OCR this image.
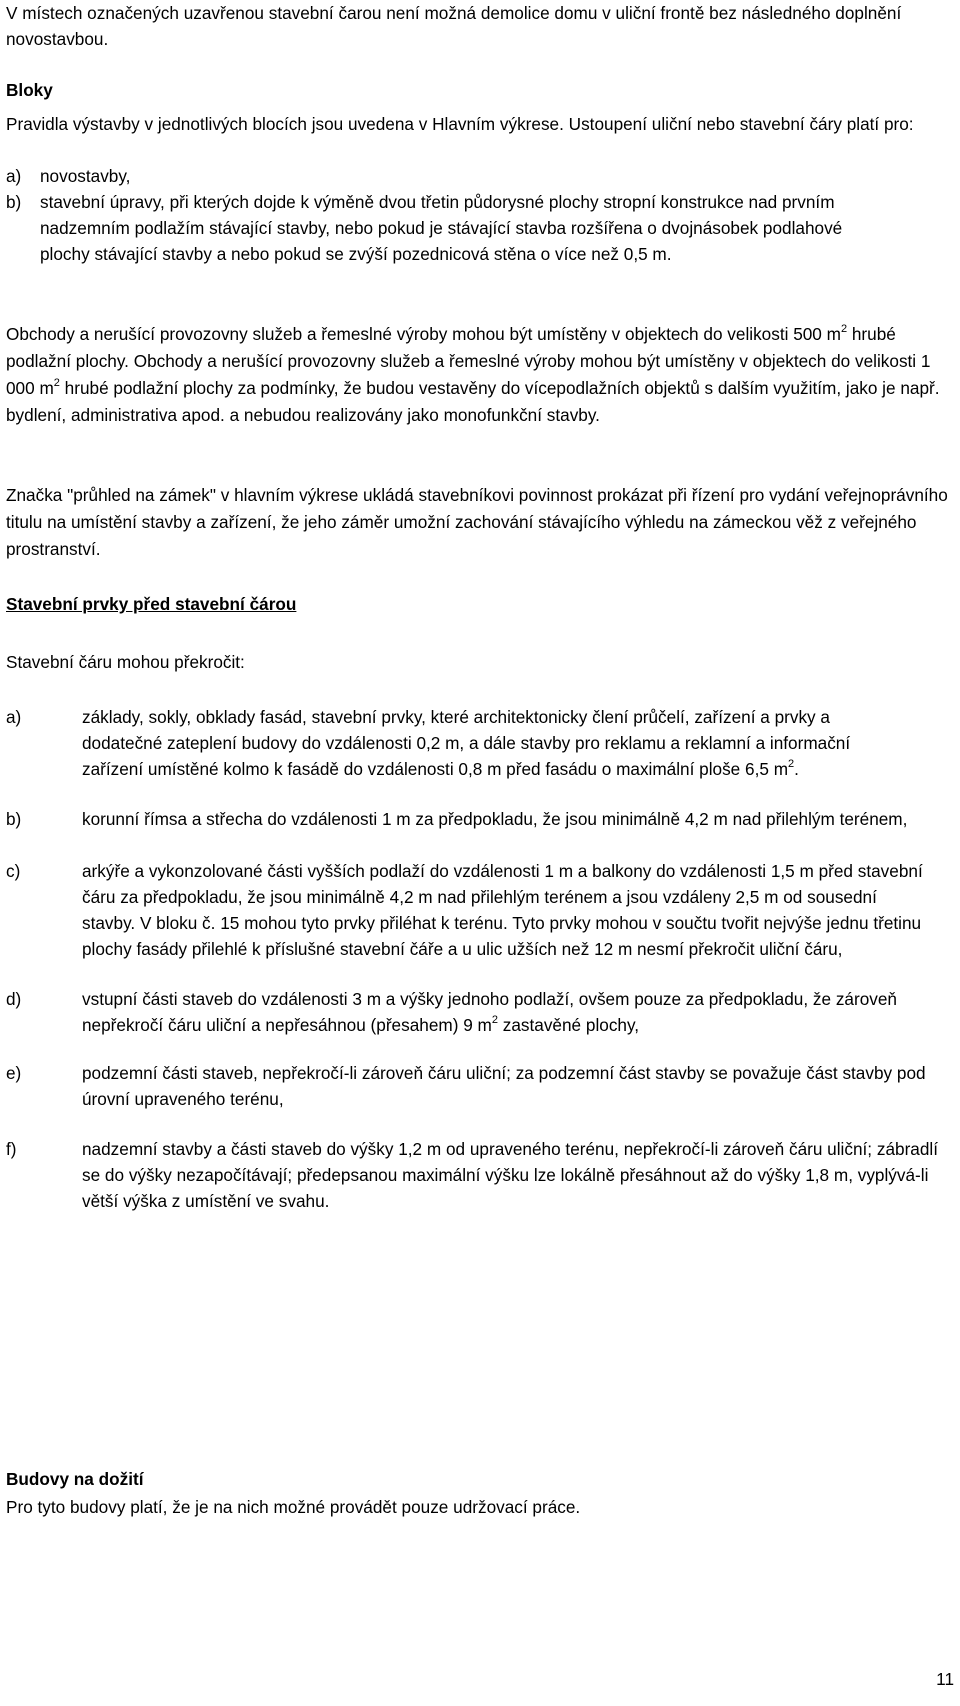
V místech označených uzavřenou stavební čarou není možná demolice domu v uliční frontě bez následného doplnění novostavbou.

Bloky

Pravidla výstavby v jednotlivých blocích jsou uvedena v Hlavním výkrese. Ustoupení uliční nebo stavební čáry platí pro:

a)	novostavby,
b)	stavební úpravy, při kterých dojde k výměně dvou třetin půdorysné plochy stropní konstrukce nad prvním nadzemním podlažím stávající stavby, nebo pokud je stávající stavba rozšířena o dvojnásobek podlahové plochy stávající stavby a nebo pokud se zvýší pozednicová stěna o více než 0,5 m.

Obchody a nerušící provozovny služeb a řemeslné výroby mohou být umístěny v objektech do velikosti 500 $m^2$ hrubé podlažní plochy. Obchody a nerušící provozovny služeb a řemeslné výroby mohou být umístěny v objektech do velikosti 1 000 $m^2$ hrubé podlažní plochy za podmínky, že budou vestavěny do vícepodlažních objektů s dalším využitím, jako je např. bydlení, administrativa apod. a nebudou realizovány jako monofunkční stavby.

Značka "průhled na zámek" v hlavním výkrese ukládá stavebníkovi povinnost prokázat při řízení pro vydání veřejnoprávního titulu na umístění stavby a zařízení, že jeho záměr umožní zachování stávajícího výhledu na zámeckou věž z veřejného prostranství.

Stavební prvky před stavební čárou

Stavební čáru mohou překročit:

a)	základy, sokly, obklady fasád, stavební prvky, které architektonicky člení průčelí, zařízení a prvky a dodatečné zateplení budovy do vzdálenosti 0,2 m, a dále stavby pro reklamu a reklamní a informační zařízení umístěné kolmo k fasádě do vzdálenosti 0,8 m před fasádu o maximální ploše 6,5 $m^2$.
b)	korunní římsa a střecha do vzdálenosti 1 m za předpokladu, že jsou minimálně 4,2 m nad přilehlým terénem,
c)	arkýře a vykonzolované části vyšších podlaží do vzdálenosti 1 m a balkony do vzdálenosti 1,5 m před stavební čáru za předpokladu, že jsou minimálně 4,2 m nad přilehlým terénem a jsou vzdáleny 2,5 m od sousední stavby. V bloku č. 15 mohou tyto prvky přiléhat k terénu. Tyto prvky mohou v součtu tvořit nejvýše jednu třetinu plochy fasády přilehlé k příslušné stavební čáře a u ulic užších než 12 m nesmí překročit uliční čáru,
d)	vstupní části staveb do vzdálenosti 3 m a výšky jednoho podlaží, ovšem pouze za předpokladu, že zároveň nepřekročí čáru uliční a nepřesáhnou (přesahem) 9 $m^2$ zastavěné plochy,
e)	podzemní části staveb, nepřekročí-li zároveň čáru uliční; za podzemní část stavby se považuje část stavby pod úrovní upraveného terénu,
f)	nadzemní stavby a části staveb do výšky 1,2 m od upraveného terénu, nepřekročí-li zároveň čáru uliční; zábradlí se do výšky nezapočítávají; předepsanou maximální výšku lze lokálně přesáhnout až do výšky 1,8 m, vyplývá-li větší výška z umístění ve svahu.

Budovy na dožití

Pro tyto budovy platí, že je na nich možné provádět pouze udržovací práce.

11
